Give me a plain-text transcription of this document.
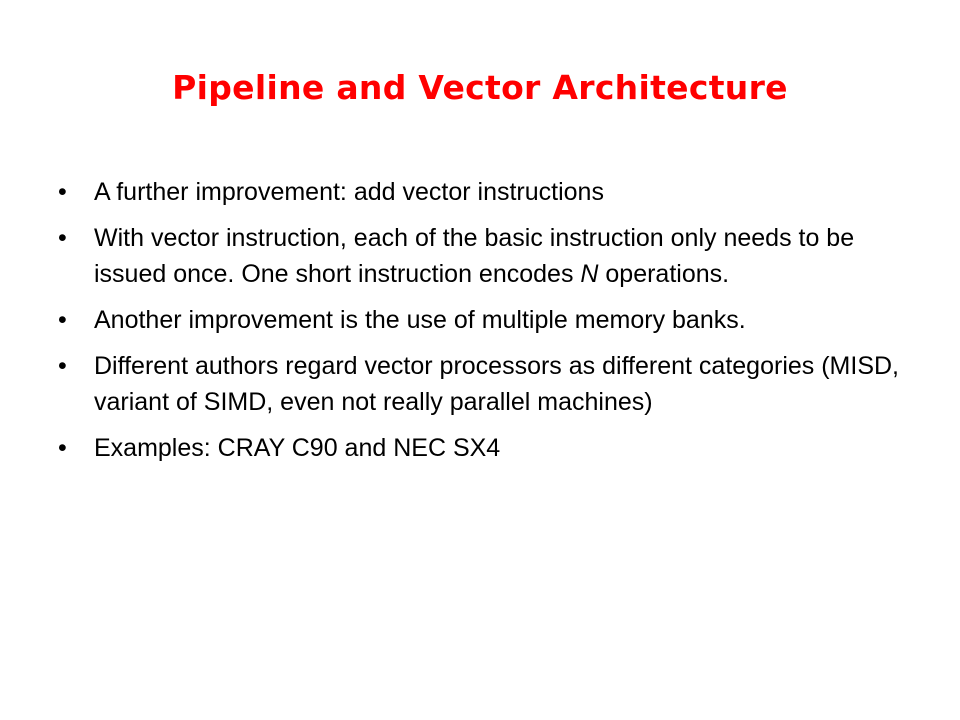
Pipeline and Vector Architecture
• A further improvement: add vector instructions
• With vector instruction, each of the basic instruction only needs to be issued once. One short instruction encodes N operations.
• Another improvement is the use of multiple memory banks.
• Different authors regard vector processors as different categories (MISD, variant of SIMD, even not really parallel machines)
• Examples: CRAY C90 and NEC SX4
